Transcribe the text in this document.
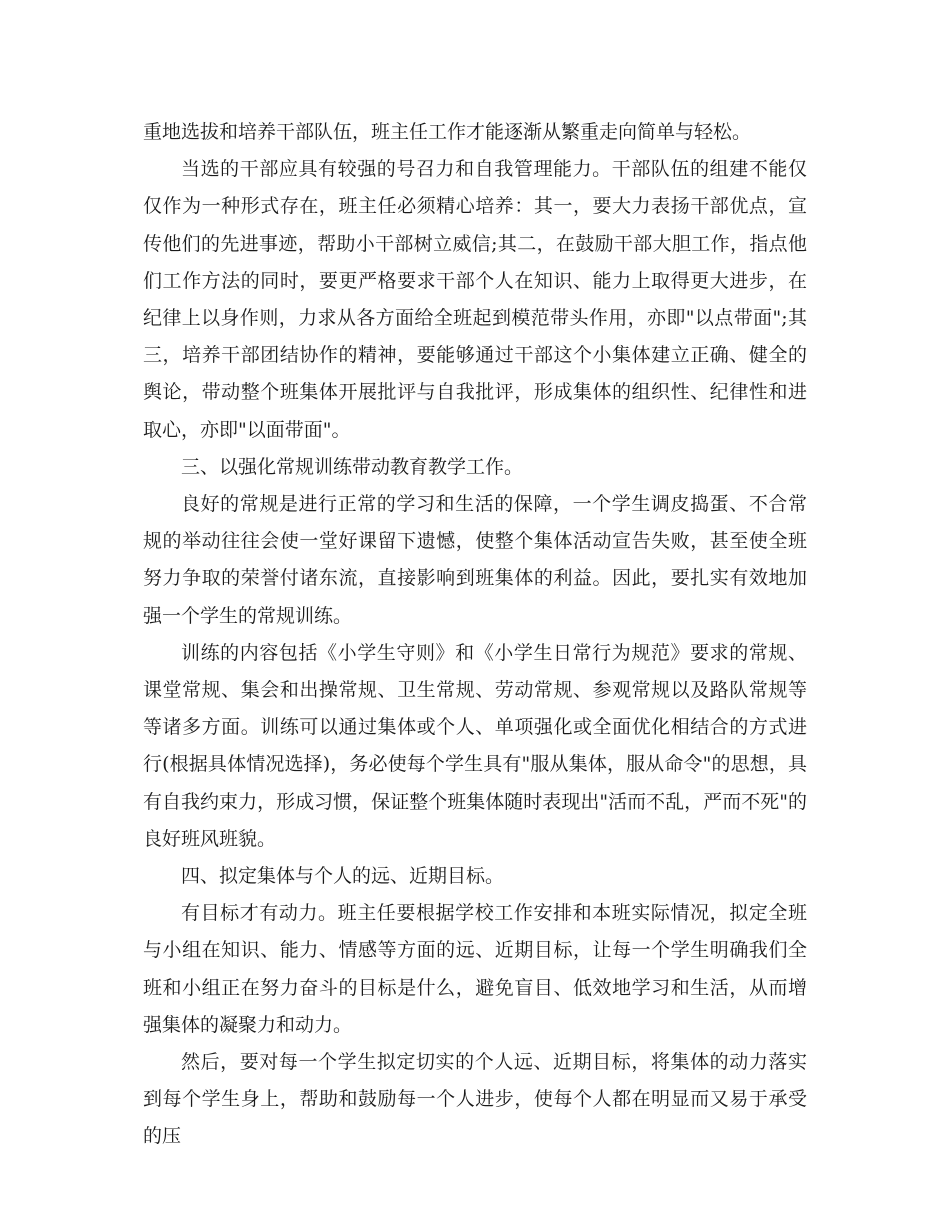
重地选拔和培养干部队伍，班主任工作才能逐渐从繁重走向简单与轻松。

当选的干部应具有较强的号召力和自我管理能力。干部队伍的组建不能仅仅作为一种形式存在，班主任必须精心培养：其一，要大力表扬干部优点，宣传他们的先进事迹，帮助小干部树立威信;其二，在鼓励干部大胆工作，指点他们工作方法的同时，要更严格要求干部个人在知识、能力上取得更大进步，在纪律上以身作则，力求从各方面给全班起到模范带头作用，亦即"以点带面";其三，培养干部团结协作的精神，要能够通过干部这个小集体建立正确、健全的舆论，带动整个班集体开展批评与自我批评，形成集体的组织性、纪律性和进取心，亦即"以面带面"。

三、以强化常规训练带动教育教学工作。

良好的常规是进行正常的学习和生活的保障，一个学生调皮捣蛋、不合常规的举动往往会使一堂好课留下遗憾，使整个集体活动宣告失败，甚至使全班努力争取的荣誉付诸东流，直接影响到班集体的利益。因此，要扎实有效地加强一个学生的常规训练。

训练的内容包括《小学生守则》和《小学生日常行为规范》要求的常规、课堂常规、集会和出操常规、卫生常规、劳动常规、参观常规以及路队常规等等诸多方面。训练可以通过集体或个人、单项强化或全面优化相结合的方式进行(根据具体情况选择)，务必使每个学生具有"服从集体，服从命令"的思想，具有自我约束力，形成习惯，保证整个班集体随时表现出"活而不乱，严而不死"的良好班风班貌。

四、拟定集体与个人的远、近期目标。

有目标才有动力。班主任要根据学校工作安排和本班实际情况，拟定全班与小组在知识、能力、情感等方面的远、近期目标，让每一个学生明确我们全班和小组正在努力奋斗的目标是什么，避免盲目、低效地学习和生活，从而增强集体的凝聚力和动力。

然后，要对每一个学生拟定切实的个人远、近期目标，将集体的动力落实到每个学生身上，帮助和鼓励每一个人进步，使每个人都在明显而又易于承受的压
